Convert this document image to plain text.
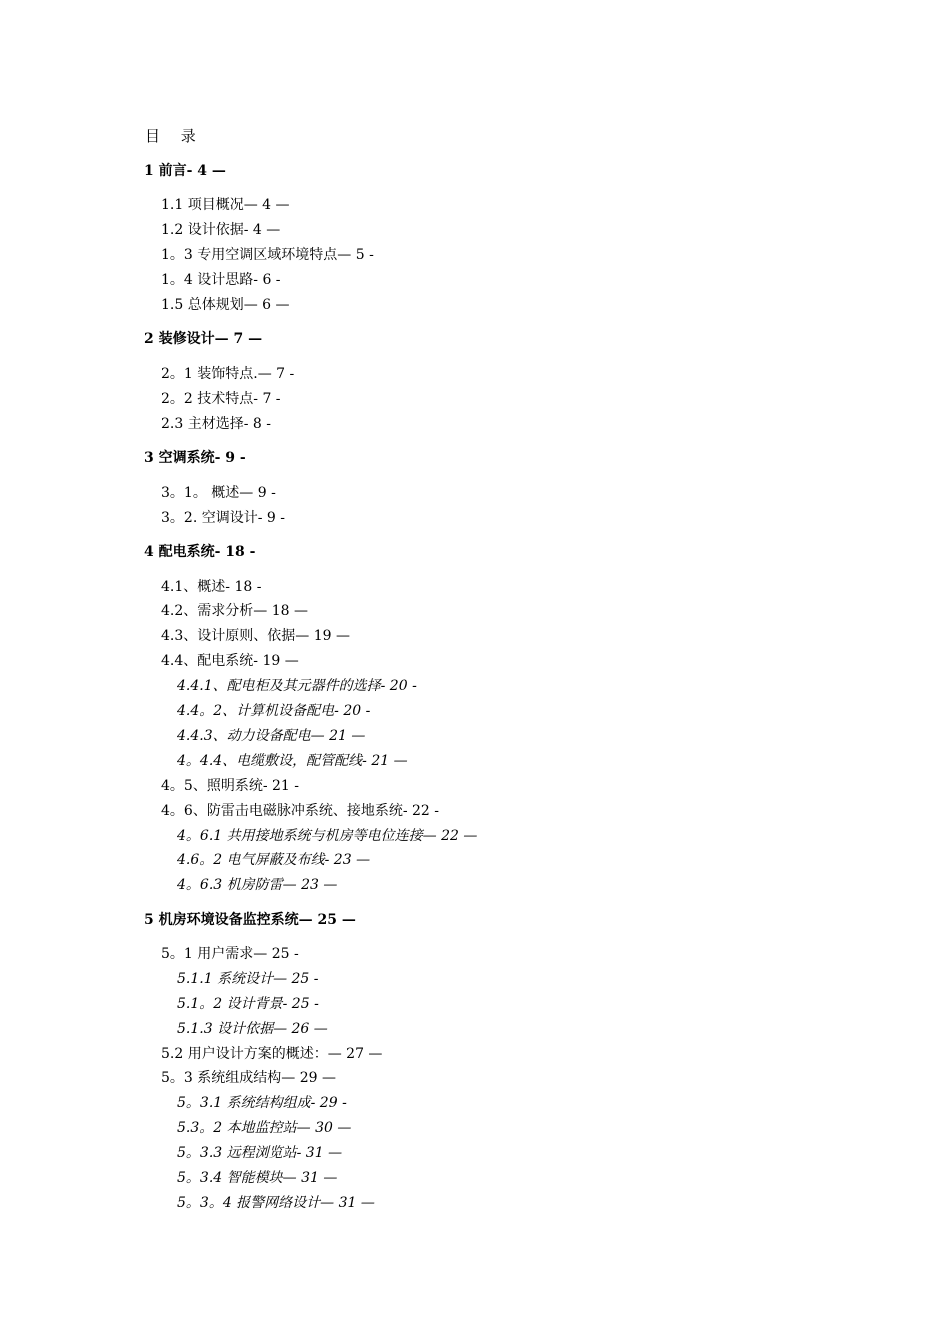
目 录
1 前言- 4 —
1.1 项目概况— 4 —
1.2 设计依据- 4 —
1。3 专用空调区域环境特点— 5 -
1。4 设计思路- 6 -
1.5 总体规划— 6 —
2 装修设计— 7 —
2。1 装饰特点.— 7 -
2。2 技术特点- 7 -
2.3 主材选择- 8 -
3 空调系统- 9 -
3。1。 概述— 9 -
3。2. 空调设计- 9 -
4 配电系统- 18 -
4.1、概述- 18 -
4.2、需求分析— 18 —
4.3、设计原则、依据— 19 —
4.4、配电系统- 19 —
4.4.1、配电柜及其元器件的选择- 20 -
4.4。2、计算机设备配电- 20 -
4.4.3、动力设备配电— 21 —
4。4.4、电缆敷设，配管配线- 21 —
4。5、照明系统- 21 -
4。6、防雷击电磁脉冲系统、接地系统- 22 -
4。6.1 共用接地系统与机房等电位连接— 22 —
4.6。2 电气屏蔽及布线- 23 —
4。6.3 机房防雷— 23 —
5 机房环境设备监控系统— 25 —
5。1 用户需求— 25 -
5.1.1 系统设计— 25 -
5.1。2 设计背景- 25 -
5.1.3 设计依据— 26 —
5.2 用户设计方案的概述：— 27 —
5。3 系统组成结构— 29 —
5。3.1 系统结构组成- 29 -
5.3。2 本地监控站— 30 —
5。3.3 远程浏览站- 31 —
5。3.4 智能模块— 31 —
5。3。4 报警网络设计— 31 —
